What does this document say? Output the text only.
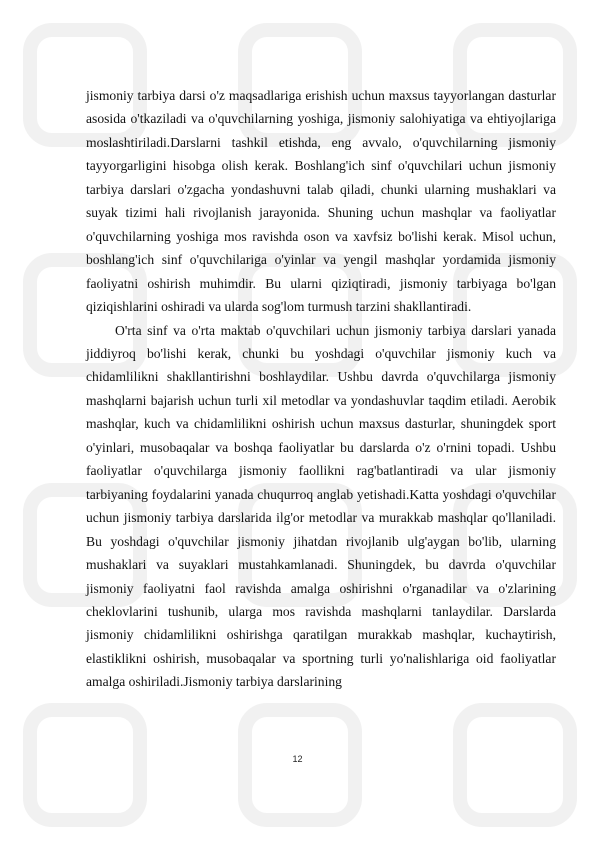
jismoniy tarbiya darsi o'z maqsadlariga erishish uchun maxsus tayyorlangan dasturlar asosida o'tkaziladi va o'quvchilarning yoshiga, jismoniy salohiyatiga va ehtiyojlariga moslashtiriladi.Darslarni tashkil etishda, eng avvalo, o'quvchilarning jismoniy tayyorgarligini hisobga olish kerak. Boshlang'ich sinf o'quvchilari uchun jismoniy tarbiya darslari o'zgacha yondashuvni talab qiladi, chunki ularning mushaklari va suyak tizimi hali rivojlanish jarayonida. Shuning uchun mashqlar va faoliyatlar o'quvchilarning yoshiga mos ravishda oson va xavfsiz bo'lishi kerak. Misol uchun, boshlang'ich sinf o'quvchilariga o'yinlar va yengil mashqlar yordamida jismoniy faoliyatni oshirish muhimdir. Bu ularni qiziqtiradi, jismoniy tarbiyaga bo'lgan qiziqishlarini oshiradi va ularda sog'lom turmush tarzini shakllantiradi.

O'rta sinf va o'rta maktab o'quvchilari uchun jismoniy tarbiya darslari yanada jiddiyroq bo'lishi kerak, chunki bu yoshdagi o'quvchilar jismoniy kuch va chidamlilikni shakllantirishni boshlaydilar. Ushbu davrda o'quvchilarga jismoniy mashqlarni bajarish uchun turli xil metodlar va yondashuvlar taqdim etiladi. Aerobik mashqlar, kuch va chidamlilikni oshirish uchun maxsus dasturlar, shuningdek sport o'yinlari, musobaqalar va boshqa faoliyatlar bu darslarda o'z o'rnini topadi. Ushbu faoliyatlar o'quvchilarga jismoniy faollikni rag'batlantiradi va ular jismoniy tarbiyaning foydalarini yanada chuqurroq anglab yetishadi.Katta yoshdagi o'quvchilar uchun jismoniy tarbiya darslarida ilg'or metodlar va murakkab mashqlar qo'llaniladi. Bu yoshdagi o'quvchilar jismoniy jihatdan rivojlanib ulg'aygan bo'lib, ularning mushaklari va suyaklari mustahkamlanadi. Shuningdek, bu davrda o'quvchilar jismoniy faoliyatni faol ravishda amalga oshirishni o'rganadilar va o'zlarining cheklovlarini tushunib, ularga mos ravishda mashqlarni tanlaydilar. Darslarda jismoniy chidamlilikni oshirishga qaratilgan murakkab mashqlar, kuchaytirish, elastiklikni oshirish, musobaqalar va sportning turli yo'nalishlariga oid faoliyatlar amalga oshiriladi.Jismoniy tarbiya darslarining

12
